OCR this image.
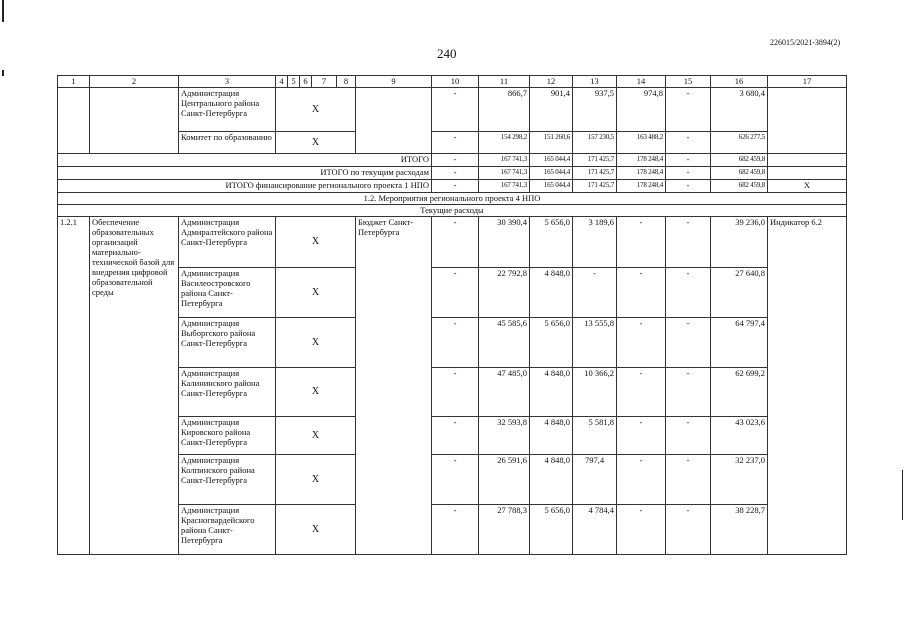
240
226015/2021-3894(2)
1	2	3	4	5	6	7	8	9	10	11	12	13	14	15	16	17
		Администрация Центрального района Санкт-Петербурга	X						-	866,7	901,4	937,5	974,8	-	3 680,4	
		Комитет по образованию	X						-	154 298,2	151 260,6	157 230,5	163 488,2	-	626 277,5	
ИТОГО									-	167 741,3	165 044,4	171 425,7	178 248,4	-	682 459,8	
ИТОГО по текущим расходам									-	167 741,3	165 044,4	171 425,7	178 248,4	-	682 459,8	
ИТОГО финансирование регионального проекта 1 НПО									-	167 741,3	165 044,4	171 425,7	178 248,4	-	682 459,8	X
1.2. Мероприятия регионального проекта 4 НПО																
Текущие расходы																
1.2.1	Обеспечение образовательных организаций материально-технической базой для внедрения цифровой образовательной среды	Администрация Адмиралтейского района Санкт-Петербурга	X					Бюджет Санкт-Петербурга	-	30 390,4	5 656,0	3 189,6	-	-	39 236,0	Индикатор 6.2
		Администрация Василеостровского района Санкт-Петербурга	X						-	22 792,8	4 848,0	-	-	-	27 640,8	
		Администрация Выборгского района Санкт-Петербурга	X						-	45 585,6	5 656,0	13 555,8	-	-	64 797,4	
		Администрация Калининского района Санкт-Петербурга	X						-	47 485,0	4 848,0	10 366,2	-	-	62 699,2	
		Администрация Кировского района Санкт-Петербурга	X						-	32 593,8	4 848,0	5 581,8	-	-	43 023,6	
		Администрация Колпинского района Санкт-Петербурга	X						-	26 591,6	4 848,0	797,4	-	-	32 237,0	
		Администрация Красногвардейского района Санкт-Петербурга	X						-	27 788,3	5 656,0	4 784,4	-	-	38 228,7	
